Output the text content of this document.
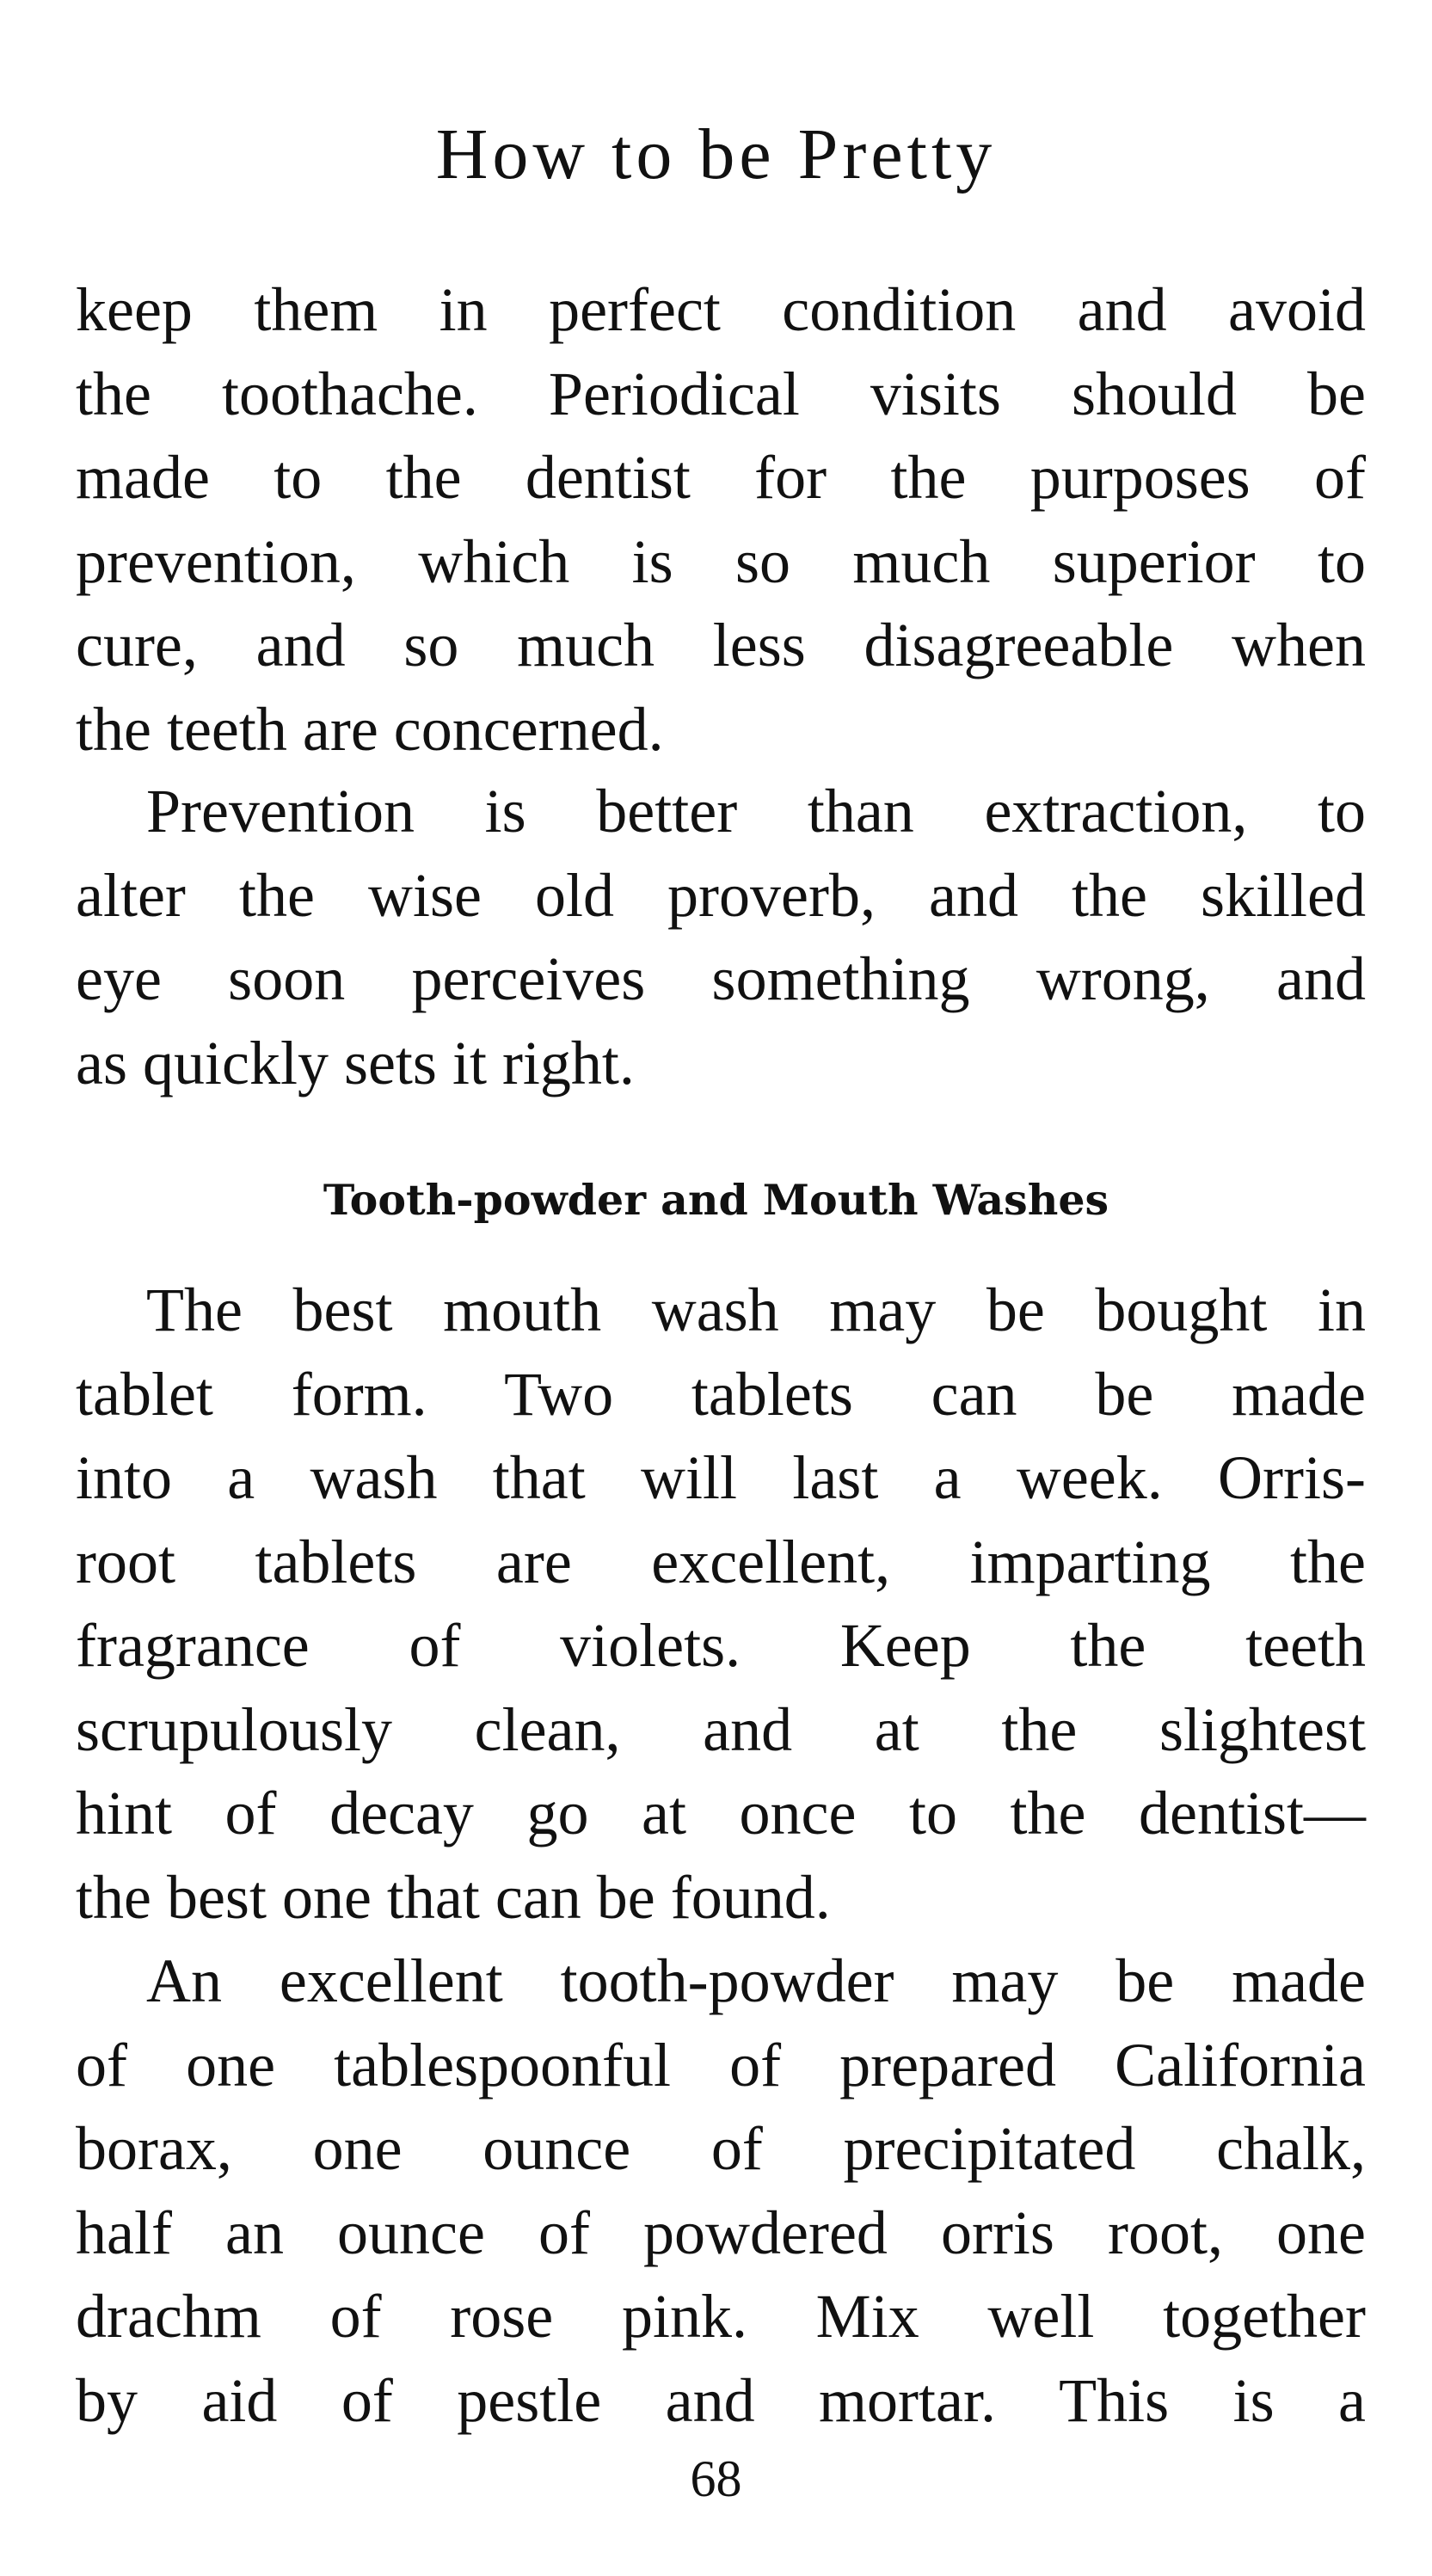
How to be Pretty
keep them in perfect condition and avoid
the toothache. Periodical visits should be
made to the dentist for the purposes of
prevention, which is so much superior to
cure, and so much less disagreeable when
the teeth are concerned.
Prevention is better than extraction, to
alter the wise old proverb, and the skilled
eye soon perceives something wrong, and
as quickly sets it right.
Tooth-powder and Mouth Washes
The best mouth wash may be bought in
tablet form. Two tablets can be made
into a wash that will last a week. Orris-
root tablets are excellent, imparting the
fragrance of violets. Keep the teeth
scrupulously clean, and at the slightest
hint of decay go at once to the dentist—
the best one that can be found.
An excellent tooth-powder may be made
of one tablespoonful of prepared California
borax, one ounce of precipitated chalk,
half an ounce of powdered orris root, one
drachm of rose pink. Mix well together
by aid of pestle and mortar. This is a
68
